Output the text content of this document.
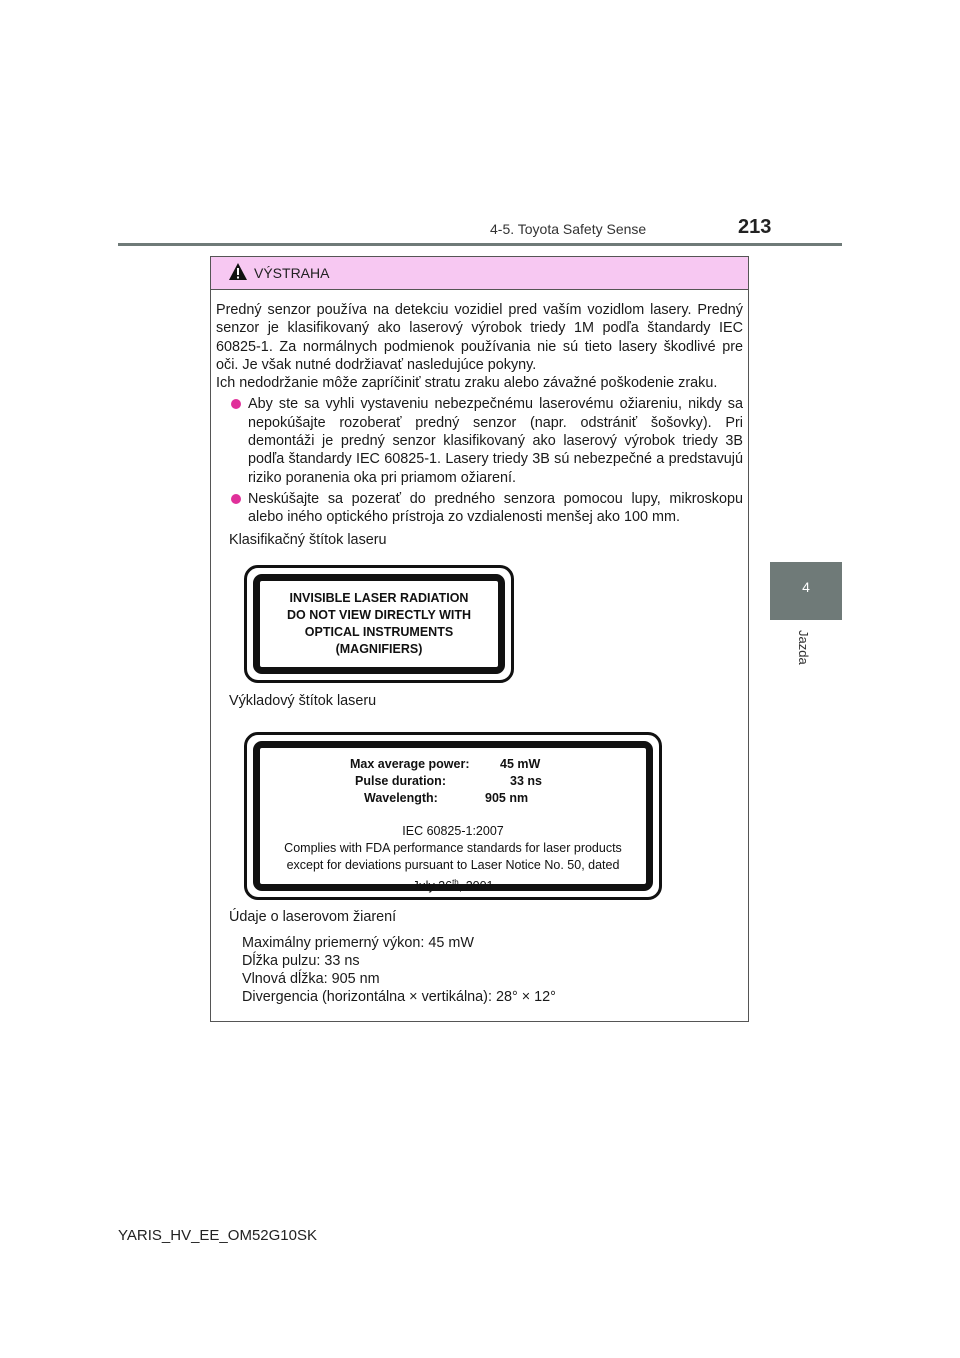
4-5. Toyota Safety Sense	213
4
Jazda
VÝSTRAHA

Predný senzor používa na detekciu vozidiel pred vaším vozidlom lasery. Predný senzor je klasifikovaný ako laserový výrobok triedy 1M podľa štandardy IEC 60825-1. Za normálnych podmienok používania nie sú tieto lasery škodlivé pre oči. Je však nutné dodržiavať nasledujúce pokyny.

Ich nedodržanie môže zapríčiniť stratu zraku alebo závažné poškodenie zraku.

Aby ste sa vyhli vystaveniu nebezpečnému laserovému ožiareniu, nikdy sa nepokúšajte rozoberať predný senzor (napr. odstrániť šošovky). Pri demontáži je predný senzor klasifikovaný ako laserový výrobok triedy 3B podľa štandardy IEC 60825-1. Lasery triedy 3B sú nebezpečné a predstavujú riziko poranenia oka pri priamom ožiarení.
Neskúšajte sa pozerať do predného senzora pomocou lupy, mikroskopu alebo iného optického prístroja zo vzdialenosti menšej ako 100 mm.
Klasifikačný štítok laseru
INVISIBLE LASER RADIATION
DO NOT VIEW DIRECTLY WITH
OPTICAL INSTRUMENTS
(MAGNIFIERS)
Výkladový štítok laseru
Max average power: 45 mW
Pulse duration:	33 ns
Wavelength:	905 nm
IEC 60825-1:2007
Complies with FDA performance standards for laser products
except for deviations pursuant to Laser Notice No. 50, dated
July 26th, 2001
Údaje o laserovom žiarení
Maximálny priemerný výkon: 45 mW
Dĺžka pulzu: 33 ns
Vlnová dĺžka: 905 nm
Divergencia (horizontálna × vertikálna): 28° × 12°
YARIS_HV_EE_OM52G10SK
